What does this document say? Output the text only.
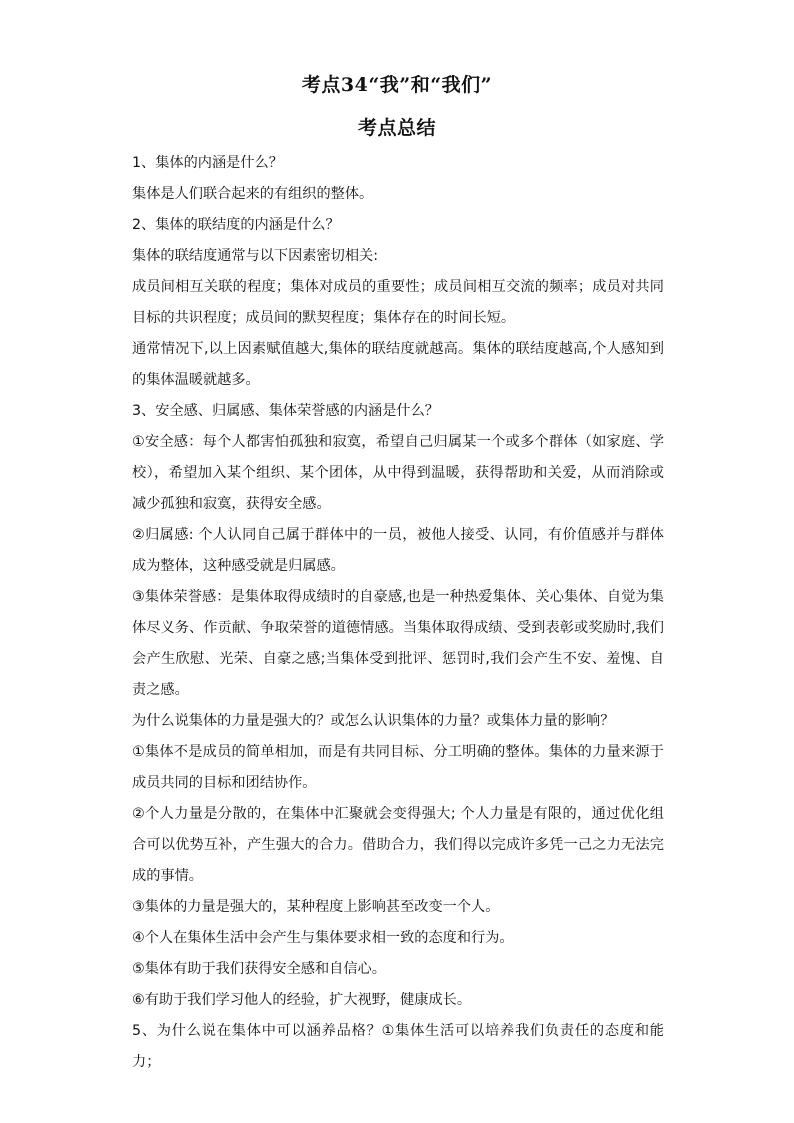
考点34“我”和“我们”
考点总结

1、集体的内涵是什么？

集体是人们联合起来的有组织的整体。

2、集体的联结度的内涵是什么？

集体的联结度通常与以下因素密切相关:

成员间相互关联的程度；集体对成员的重要性；成员间相互交流的频率；成员对共同目标的共识程度；成员间的默契程度；集体存在的时间长短。

通常情况下,以上因素赋值越大,集体的联结度就越高。集体的联结度越高,个人感知到的集体温暖就越多。

3、安全感、归属感、集体荣誉感的内涵是什么？

①安全感：每个人都害怕孤独和寂寞，希望自己归属某一个或多个群体（如家庭、学校），希望加入某个组织、某个团体，从中得到温暖，获得帮助和关爱，从而消除或减少孤独和寂寞，获得安全感。

②归属感: 个人认同自己属于群体中的一员，被他人接受、认同，有价值感并与群体成为整体，这种感受就是归属感。

③集体荣誉感：是集体取得成绩时的自豪感,也是一种热爱集体、关心集体、自觉为集体尽义务、作贡献、争取荣誉的道德情感。当集体取得成绩、受到表彰或奖励时,我们会产生欣慰、光荣、自豪之感;当集体受到批评、惩罚时,我们会产生不安、羞愧、自责之感。

为什么说集体的力量是强大的？或怎么认识集体的力量？或集体力量的影响？

①集体不是成员的简单相加，而是有共同目标、分工明确的整体。集体的力量来源于成员共同的目标和团结协作。

②个人力量是分散的，在集体中汇聚就会变得强大; 个人力量是有限的，通过优化组合可以优势互补，产生强大的合力。借助合力，我们得以完成许多凭一己之力无法完成的事情。

③集体的力量是强大的，某种程度上影响甚至改变一个人。

④个人在集体生活中会产生与集体要求相一致的态度和行为。

⑤集体有助于我们获得安全感和自信心。

⑥有助于我们学习他人的经验，扩大视野，健康成长。

5、为什么说在集体中可以涵养品格？①集体生活可以培养我们负责任的态度和能力；
